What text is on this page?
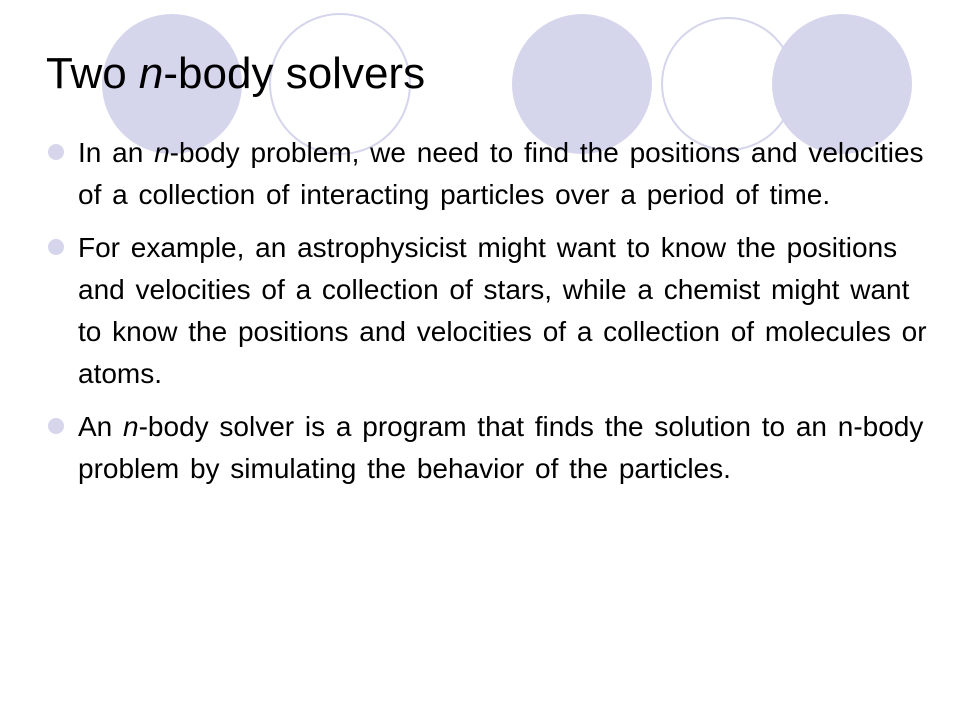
Two n-body solvers
In an n-body problem, we need to find the positions and velocities of a collection of interacting particles over a period of time.
For example, an astrophysicist might want to know the positions and velocities of a collection of stars, while a chemist might want to know the positions and velocities of a collection of molecules or atoms.
An n-body solver is a program that finds the solution to an n-body problem by simulating the behavior of the particles.
